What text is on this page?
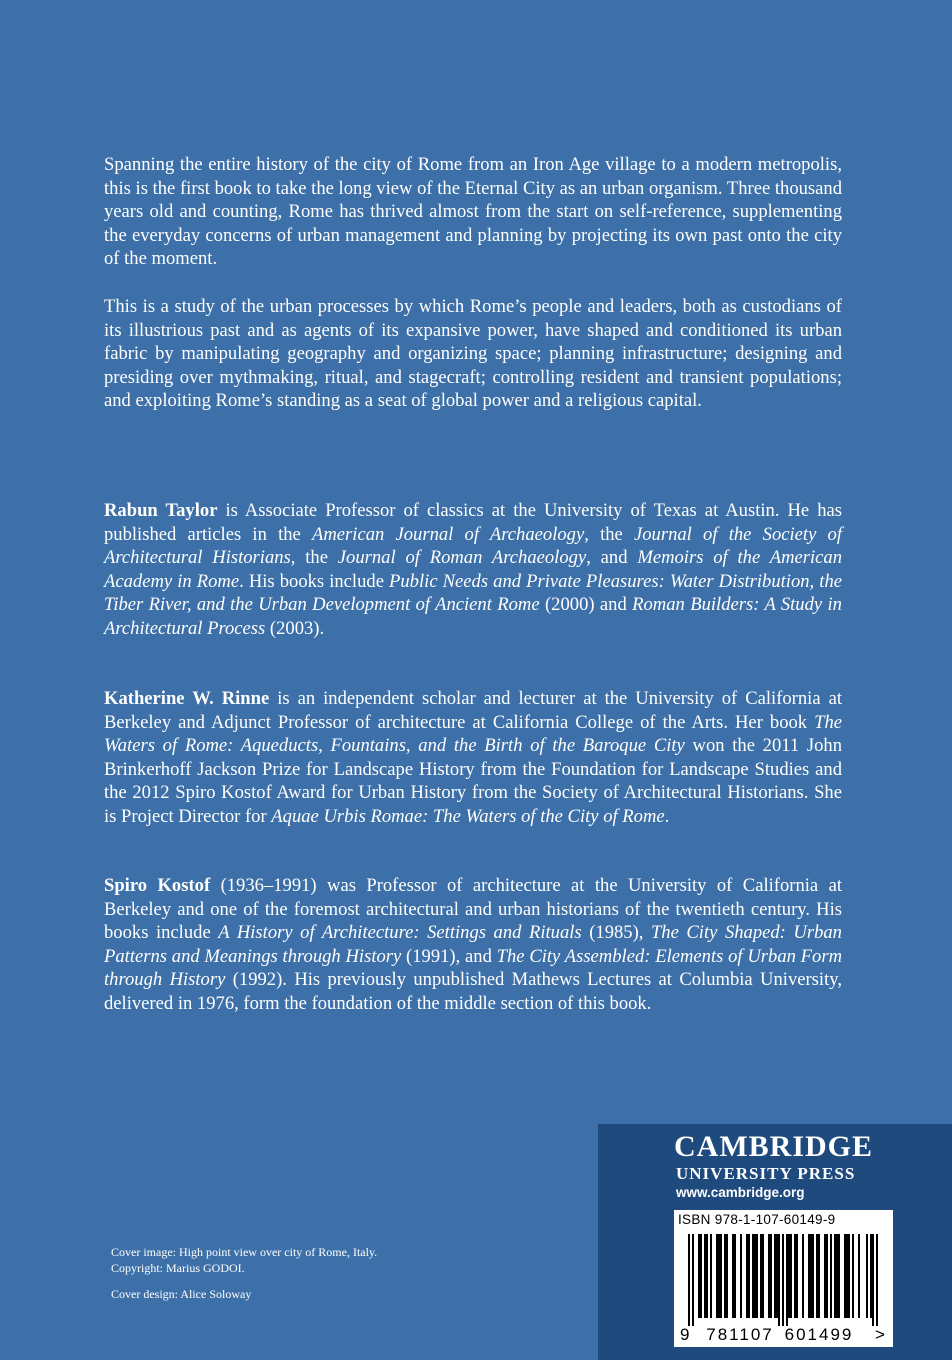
Spanning the entire history of the city of Rome from an Iron Age village to a modern metropolis, this is the first book to take the long view of the Eternal City as an urban organism. Three thousand years old and counting, Rome has thrived almost from the start on self-reference, supplementing the everyday concerns of urban management and planning by projecting its own past onto the city of the moment.

This is a study of the urban processes by which Rome’s people and leaders, both as custodians of its illustrious past and as agents of its expansive power, have shaped and conditioned its urban fabric by manipulating geography and organizing space; planning infrastructure; designing and presiding over mythmaking, ritual, and stagecraft; controlling resident and transient populations; and exploiting Rome’s standing as a seat of global power and a religious capital.

Rabun Taylor is Associate Professor of classics at the University of Texas at Austin. He has published articles in the American Journal of Archaeology, the Journal of the Society of Architectural Historians, the Journal of Roman Archaeology, and Memoirs of the American Academy in Rome. His books include Public Needs and Private Pleasures: Water Distribution, the Tiber River, and the Urban Development of Ancient Rome (2000) and Roman Builders: A Study in Architectural Process (2003).

Katherine W. Rinne is an independent scholar and lecturer at the University of California at Berkeley and Adjunct Professor of architecture at California College of the Arts. Her book The Waters of Rome: Aqueducts, Fountains, and the Birth of the Baroque City won the 2011 John Brinkerhoff Jackson Prize for Landscape History from the Foundation for Landscape Studies and the 2012 Spiro Kostof Award for Urban History from the Society of Architectural Historians. She is Project Director for Aquae Urbis Romae: The Waters of the City of Rome.

Spiro Kostof (1936–1991) was Professor of architecture at the University of California at Berkeley and one of the foremost architectural and urban historians of the twentieth century. His books include A History of Architecture: Settings and Rituals (1985), The City Shaped: Urban Patterns and Meanings through History (1991), and The City Assembled: Elements of Urban Form through History (1992). His previously unpublished Mathews Lectures at Columbia University, delivered in 1976, form the foundation of the middle section of this book.

Cover image: High point view over city of Rome, Italy. Copyright: Marius GODOI.

Cover design: Alice Soloway

CAMBRIDGE
UNIVERSITY PRESS
www.cambridge.org
ISBN 978-1-107-60149-9
9 781107 601499 >
